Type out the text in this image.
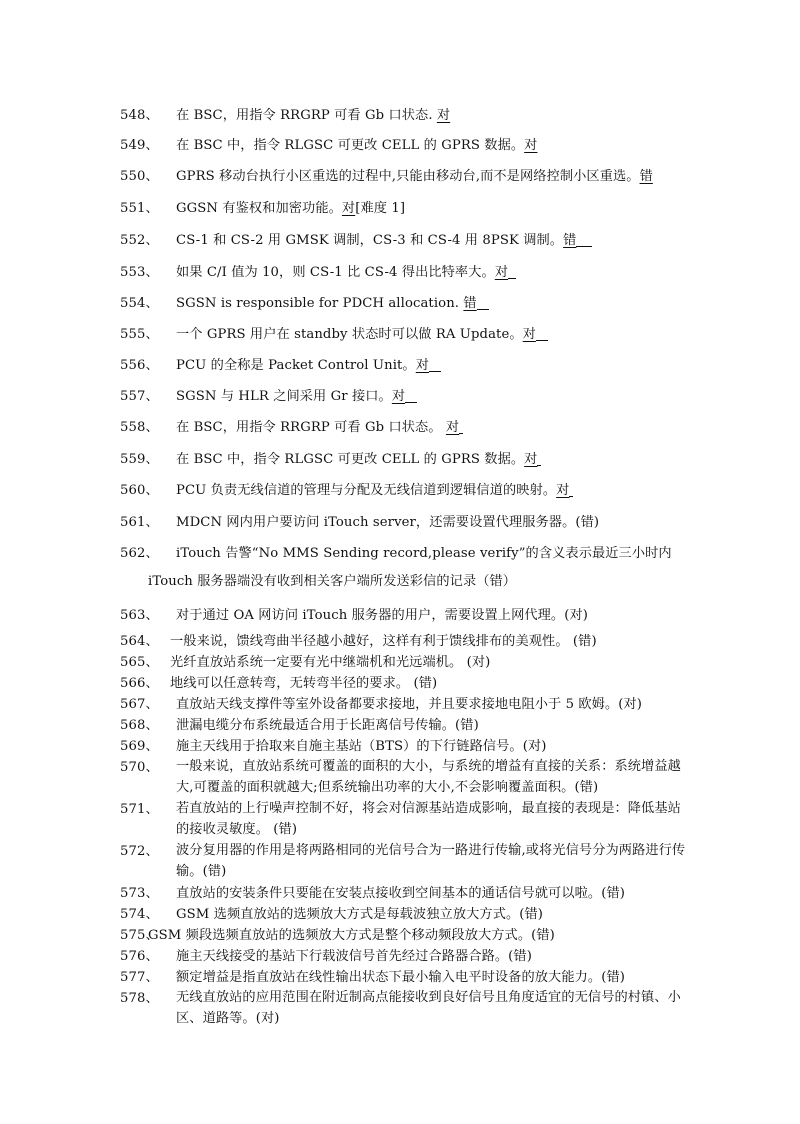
548、 在 BSC，用指令 RRGRP 可看 Gb 口状态. 对
549、 在 BSC 中，指令 RLGSC 可更改 CELL 的 GPRS 数据。对
550、 GPRS 移动台执行小区重选的过程中,只能由移动台,而不是网络控制小区重选。错
551、 GGSN 有鉴权和加密功能。对[难度 1]
552、 CS-1 和 CS-2 用 GMSK 调制，CS-3 和 CS-4 用 8PSK 调制。错
553、 如果 C/I 值为 10，则 CS-1 比 CS-4 得出比特率大。对
554、 SGSN is responsible for PDCH allocation. 错
555、 一个 GPRS 用户在 standby 状态时可以做 RA Update。对
556、 PCU 的全称是 Packet Control Unit。对
557、 SGSN 与 HLR 之间采用 Gr 接口。对
558、 在 BSC，用指令 RRGRP 可看 Gb 口状态。 对
559、 在 BSC 中，指令 RLGSC 可更改 CELL 的 GPRS 数据。对
560、 PCU 负责无线信道的管理与分配及无线信道到逻辑信道的映射。对
561、 MDCN 网内用户要访问 iTouch server，还需要设置代理服务器。(错)
562、 iTouch 告警“No MMS Sending record,please verify”的含义表示最近三小时内
iTouch 服务器端没有收到相关客户端所发送彩信的记录（错）
563、 对于通过 OA 网访问 iTouch 服务器的用户，需要设置上网代理。(对)
564、 一般来说，馈线弯曲半径越小越好，这样有利于馈线排布的美观性。 (错)
565、 光纤直放站系统一定要有光中继端机和光远端机。 (对)
566、 地线可以任意转弯，无转弯半径的要求。 (错)
567、 直放站天线支撑件等室外设备都要求接地，并且要求接地电阻小于 5 欧姆。(对)
568、 泄漏电缆分布系统最适合用于长距离信号传输。(错)
569、 施主天线用于拾取来自施主基站（BTS）的下行链路信号。(对)
570、 一般来说，直放站系统可覆盖的面积的大小，与系统的增益有直接的关系：系统增益越大,可覆盖的面积就越大;但系统输出功率的大小,不会影响覆盖面积。(错)
571、 若直放站的上行噪声控制不好，将会对信源基站造成影响，最直接的表现是：降低基站的接收灵敏度。 (错)
572、 波分复用器的作用是将两路相同的光信号合为一路进行传输,或将光信号分为两路进行传输。(错)
573、 直放站的安装条件只要能在安装点接收到空间基本的通话信号就可以啦。(错)
574、 GSM 选频直放站的选频放大方式是每载波独立放大方式。(错)
575、
GSM 频段选频直放站的选频放大方式是整个移动频段放大方式。(错)
576、 施主天线接受的基站下行载波信号首先经过合路器合路。(错)
577、 额定增益是指直放站在线性输出状态下最小输入电平时设备的放大能力。(错)
578、 无线直放站的应用范围在附近制高点能接收到良好信号且角度适宜的无信号的村镇、小区、道路等。(对)
